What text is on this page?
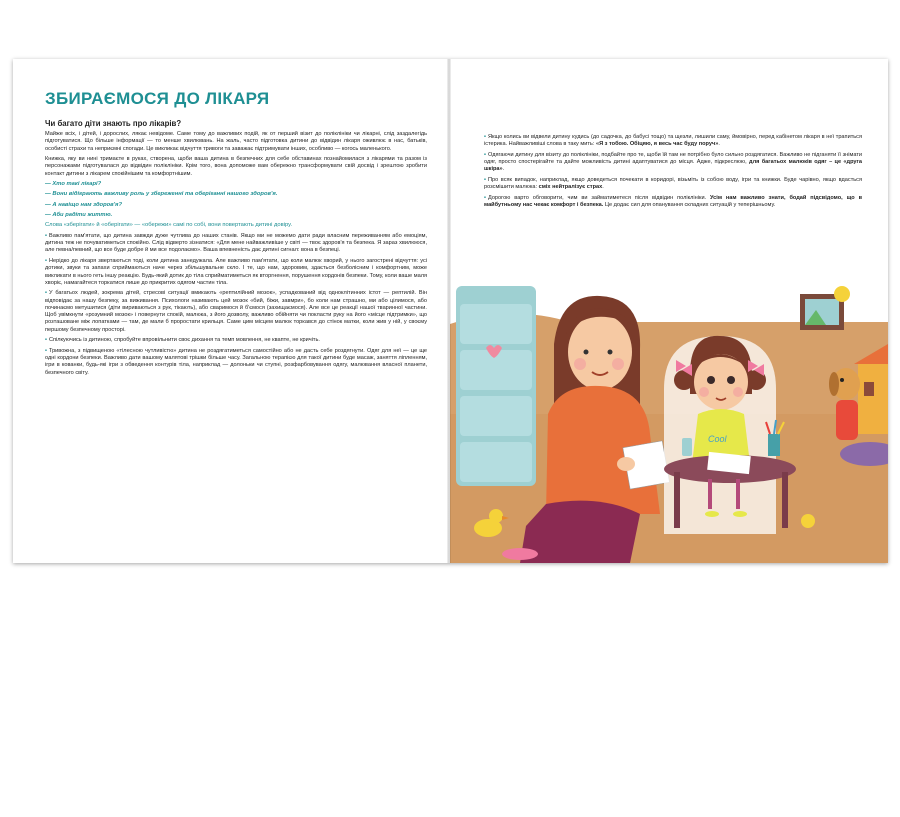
ЗБИРАЄМОСЯ ДО ЛІКАРЯ
Чи багато діти знають про лікарів?

Майже всіх, і дітей, і дорослих, лякає невідоме. Саме тому до важливих подій, як от перший візит до поліклініки чи лікарні, слід заздалегідь підготуватися. Що більше інформації — то менше хвилювань. На жаль, часто підготовка дитини до відвідин лікаря оживлює в нас, батьків, особисті страхи та неприємні спогади. Це викликає відчуття тривоги та заважає підтримувати інших, особливо — когось маленького.

Книжка, яку ви нині тримаєте в руках, створена, щоби ваша дитина в безпечних для себе обставинах познайомилася з лікарями та разом із персонажами підготувалася до відвідин поліклініки. Крім того, вона допоможе вам обережно трансформувати свій досвід і зрештою зробити контакт дитини з лікарем спокійнішим та комфортнішим.

— Хто такі лікарі?

— Вони відіграють важливу роль у збереженні та оберіганні нашого здоров'я.

— А навіщо нам здоров'я?

— Аби радіти життю.

Слова «зберігати» й «оберігати» — «обережи» самі по собі, вони повертають дитині довіру.

• Важливо пам'ятати, що дитина завжди дуже чутлива до наших станів. Якщо ми не можемо дати ради власним переживанням або емоціям, дитина теж не почуватиметься спокійно. Слід відверто зізнатися: «Для мене найважливіше у світі — твоє здоров'я та безпека. Я зараз хвилююся, але певна/певний, що все буде добре й ми все подолаємо». Ваша впевненість дає дитині сигнал: вона в безпеці.

• Нерідко до лікаря звертаються тоді, коли дитина занедужала. Але важливо пам'ятати, що коли малюк хворий, у нього загострені відчуття: усі дотики, звуки та запахи сприймаються наче через збільшувальне скло. І те, що нам, здоровим, здається безболісним і комфортним, може викликати в нього геть іншу реакцію. Будь-який дотик до тіла сприйматиметься як вторгнення, порушення кордонів безпеки. Тому, коли ваше маля хворіє, намагайтеся торкатися лише до прикритих одягом частин тіла.

• У багатьох людей, зокрема дітей, стресові ситуації вмикають «рептилійний мозок», успадкований від одноклітинних істот — рептилій. Він відповідає за нашу безпеку, за виживання. Психологи називають цей мозок «бий, біжи, завмри», бо коли нам страшно, ми або цілимося, або починаємо метушитися (діти вириваються з рук, тікають), або сваримося й б'ємося (захищаємося). Але все це реакції нашої тваринної частини. Щоб увімкнути «розумний мозок» і повернути спокій, малюка, з його дозволу, важливо обійняти чи покласти руку на його «місце підтримки», що розташоване між лопатками — там, де мали б проростати крильця. Саме цим місцем малюк торкався до стінок матки, коли жив у ній, у своєму першому безпечному просторі.

• Спілкуючись із дитиною, спробуйте впровільнити своє дихання та темп мовлення, не квапте, не кричіть.

• Тривожна, з підвищеною «тілесною чутливістю» дитина не роздягатиметься самостійно або не дасть себе роздягнути. Одяг для неї — це ще одні кордони безпеки. Важливо дати вашому малятові трішки більше часу. Загальною терапією для такої дитини буде масаж, заняття ліпленням, ігри в кованки, будь-які ігри з обведення контурів тіла, наприклад — долоньки чи ступні, розфарбовування одягу, малювання власної планети, безпечного світу.

• Якщо колись ви відвели дитину кудись (до садочка, до бабусі тощо) та щезли, лишили саму, ймовірно, перед кабінетом лікаря в неї трапиться істерика. Найважливіші слова в таку мить: «Я з тобою. Обіцяю, я весь час буду поруч».

• Одягаючи дитину для візиту до поліклініки, подбайте про те, щоби їй там не потрібно було сильно роздягатися. Важливо не підганяти її знімати одяг, просто спостерігайте та дайте можливість дитині адаптуватися до місця. Адже, підкреслюю, для багатьох малюків одяг – це «друга шкіра».

• Про всяк випадок, наприклад, якщо доведеться почекати в коридорі, візьміть із собою воду, ігри та книжки. Буде чарівно, якщо вдасться розсмішити малюка: сміх нейтралізує страх.

• Дорогою варто обговорити, чим ви займатиметеся після відвідин поліклініки. Усім нам важливо знати, бодай підсвідомо, що в майбутньому нас чекає комфорт і безпека. Це додає сил для опанування складних ситуацій у теперішньому.

Cool
